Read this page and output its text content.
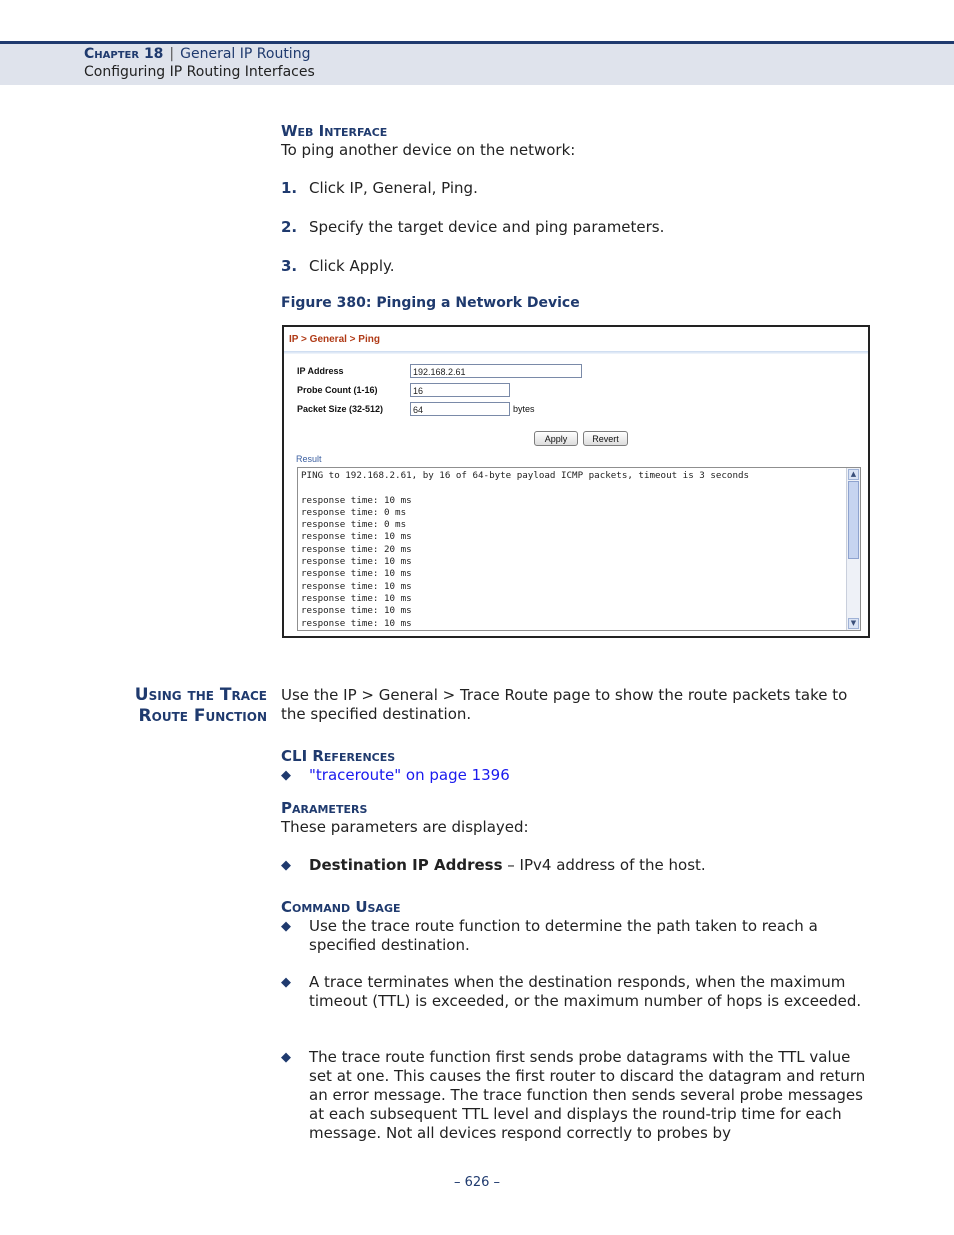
Chapter 18 | General IP Routing
Configuring IP Routing Interfaces
Web Interface
To ping another device on the network:
1. Click IP, General, Ping.
2. Specify the target device and ping parameters.
3. Click Apply.
Figure 380: Pinging a Network Device
IP > General > Ping
IP Address	192.168.2.61
Probe Count (1-16)	16
Packet Size (32-512)	64	bytes
Apply	Revert
Result
PING to 192.168.2.61, by 16 of 64-byte payload ICMP packets, timeout is 3 seconds

response time: 10 ms
response time: 0 ms
response time: 0 ms
response time: 10 ms
response time: 20 ms
response time: 10 ms
response time: 10 ms
response time: 10 ms
response time: 10 ms
response time: 10 ms
response time: 10 ms
▲
▼
Using the Trace
Route Function
Use the IP > General > Trace Route page to show the route packets take to the specified destination.
CLI References
◆ "traceroute" on page 1396
Parameters
These parameters are displayed:
◆ Destination IP Address – IPv4 address of the host.
Command Usage
◆ Use the trace route function to determine the path taken to reach a specified destination.
◆ A trace terminates when the destination responds, when the maximum timeout (TTL) is exceeded, or the maximum number of hops is exceeded.
◆ The trace route function first sends probe datagrams with the TTL value set at one. This causes the first router to discard the datagram and return an error message. The trace function then sends several probe messages at each subsequent TTL level and displays the round-trip time for each message. Not all devices respond correctly to probes by
– 626 –
